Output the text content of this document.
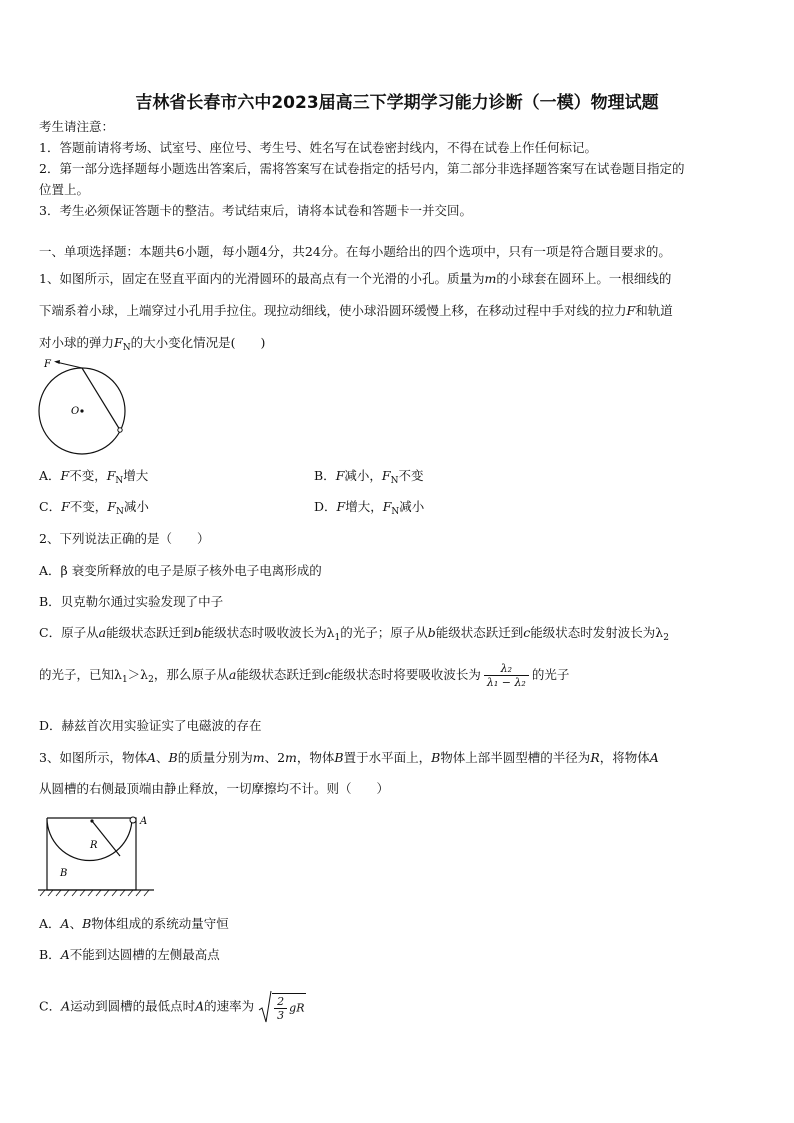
吉林省长春市六中2023届高三下学期学习能力诊断（一模）物理试题
考生请注意：
1．答题前请将考场、试室号、座位号、考生号、姓名写在试卷密封线内，不得在试卷上作任何标记。
2．第一部分选择题每小题选出答案后，需将答案写在试卷指定的括号内，第二部分非选择题答案写在试卷题目指定的
位置上。
3．考生必须保证答题卡的整洁。考试结束后，请将本试卷和答题卡一并交回。
一、单项选择题：本题共6小题，每小题4分，共24分。在每小题给出的四个选项中，只有一项是符合题目要求的。
1、如图所示，固定在竖直平面内的光滑圆环的最高点有一个光滑的小孔。质量为m的小球套在圆环上。一根细线的
下端系着小球，上端穿过小孔用手拉住。现拉动细线，使小球沿圆环缓慢上移，在移动过程中手对线的拉力F和轨道
对小球的弹力$F_N$的大小变化情况是(　　)
F
O
A．F不变，$F_N$增大	B．F减小，$F_N$不变
C．F不变，$F_N$减小	D．F增大，$F_N$减小
2、下列说法正确的是（　　）
A．β 衰变所释放的电子是原子核外电子电离形成的
B．贝克勒尔通过实验发现了中子
C．原子从a能级状态跃迁到b能级状态时吸收波长为$\lambda_1$的光子；原子从b能级状态跃迁到c能级状态时发射波长为$\lambda_2$
的光子，已知$\lambda_1>\lambda_2$，那么原子从a能级状态跃迁到c能级状态时将要吸收波长为 $\frac{\text{λ₂}}{\text{λ₁ − λ₂}}$ 的光子
D．赫兹首次用实验证实了电磁波的存在
3、如图所示，物体A、B的质量分别为m、2m，物体B置于水平面上，B物体上部半圆型槽的半径为R，将物体A
从圆槽的右侧最顶端由静止释放，一切摩擦均不计。则（　　）
A
R
B
A．A、B物体组成的系统动量守恒
B．A不能到达圆槽的左侧最高点
C．A运动到圆槽的最低点时A的速率为 $\frac{2}{3}$ gR
